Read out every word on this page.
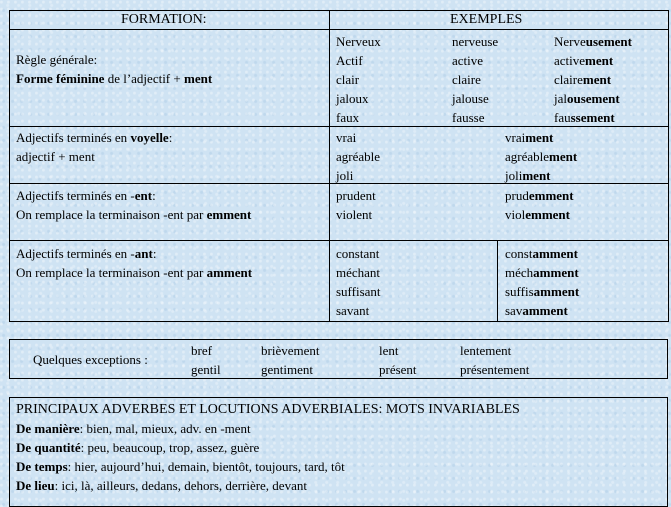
FORMATION:	EXEMPLES
Règle générale:
Forme féminine de l’adjectif + ment
Nerveux	nerveuse	Nerveusement
Actif	active	activement
clair	claire	clairement
jaloux	jalouse	jalousement
faux	fausse	faussement
Adjectifs terminés en voyelle:
adjectif + ment
vrai	vraiment
agréable	agréablement
joli	joliment
Adjectifs terminés en -ent:
On remplace la terminaison -ent par emment
prudent	prudemment
violent	violemment
Adjectifs terminés en -ant:
On remplace la terminaison -ent par amment
constant	constamment
méchant	méchamment
suffisant	suffisamment
savant	savamment
Quelques exceptions :
bref	brièvement	lent	lentement
gentil	gentiment	présent	présentement
PRINCIPAUX ADVERBES ET LOCUTIONS ADVERBIALES: MOTS INVARIABLES
De manière: bien, mal, mieux, adv. en -ment
De quantité: peu, beaucoup, trop, assez, guère
De temps: hier, aujourd’hui, demain, bientôt, toujours, tard, tôt
De lieu: ici, là, ailleurs, dedans, dehors, derrière, devant
